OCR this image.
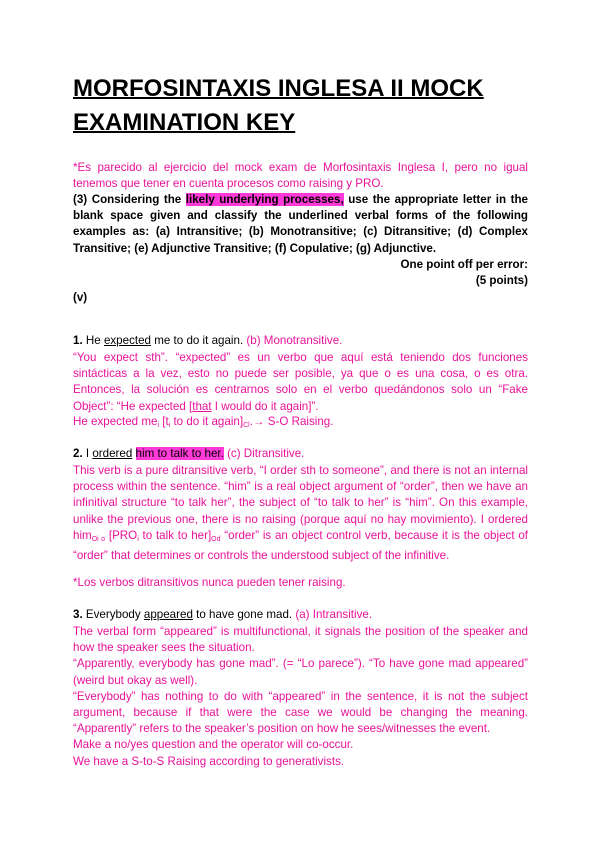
MORFOSINTAXIS INGLESA II MOCK
EXAMINATION KEY
*Es parecido al ejercicio del mock exam de Morfosintaxis Inglesa I, pero no igual tenemos que tener en cuenta procesos como raising y PRO.
(3) Considering the likely underlying processes, use the appropriate letter in the blank space given and classify the underlined verbal forms of the following examples as: (a) Intransitive; (b) Monotransitive; (c) Ditransitive; (d) Complex Transitive; (e) Adjunctive Transitive; (f) Copulative; (g) Adjunctive.
One point off per error:
(5 points)
(v)
1. He expected me to do it again. (b) Monotransitive.
“You expect sth”. “expected” es un verbo que aquí está teniendo dos funciones sintácticas a la vez, esto no puede ser posible, ya que o es una cosa, o es otra. Entonces, la solución es centrarnos solo en el verbo quedándonos solo un “Fake Object”: “He expected [that I would do it again]”.
He expected $me_i$ [$t_i$ to do it $again]_{Cl}.\to S-O$ Raising.
2. I ordered him to talk to her. (c) Ditransitive.
This verb is a pure ditransitive verb, “I order sth to someone”, and there is not an internal process within the sentence. “him” is a real object argument of “order”, then we have an infinitival structure “to talk her”, the subject of “to talk to her” is “him”. On this example, unlike the previous one, there is no raising (porque aquí no hay movimiento). I ordered him$_{Oi o}$ [$PRO_i$ to talk to $her]_{Od}$ “order” is an object control verb, because it is the object of “order” that determines or controls the understood subject of the infinitive.
*Los verbos ditransitivos nunca pueden tener raising.
3. Everybody appeared to have gone mad. (a) Intransitive.

The verbal form “appeared” is multifunctional, it signals the position of the speaker and how the speaker sees the situation.

“Apparently, everybody has gone mad”. (= “Lo parece”). “To have gone mad appeared” (weird but okay as well).

“Everybody” has nothing to do with “appeared” in the sentence, it is not the subject argument, because if that were the case we would be changing the meaning. “Apparently” refers to the speaker’s position on how he sees/witnesses the event.

Make a no/yes question and the operator will co-occur.

We have a S-to-S Raising according to generativists.
